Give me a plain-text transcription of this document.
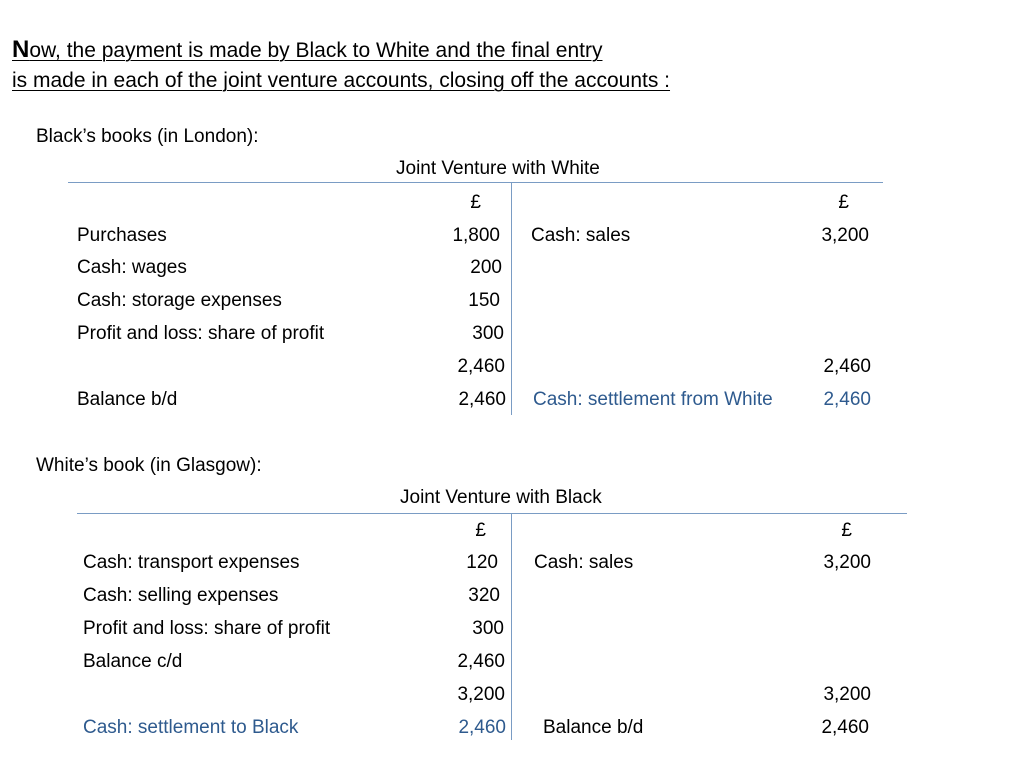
Now, the payment is made by Black to White and the final entry
is made in each of the joint venture accounts, closing off the accounts :
Black’s books (in London):
Joint Venture with White
£	£
Purchases	1,800 Cash: sales	3,200
Cash: wages	200
Cash: storage expenses	150
Profit and loss: share of profit	300
2,460	2,460
Balance b/d	2,460 Cash: settlement from White	2,460
White’s book (in Glasgow):
Joint Venture with Black
£	£
Cash: transport expenses	120 Cash: sales	3,200
Cash: selling expenses	320
Profit and loss: share of profit	300
Balance c/d	2,460
3,200	3,200
Cash: settlement to Black	2,460 Balance b/d	2,460
